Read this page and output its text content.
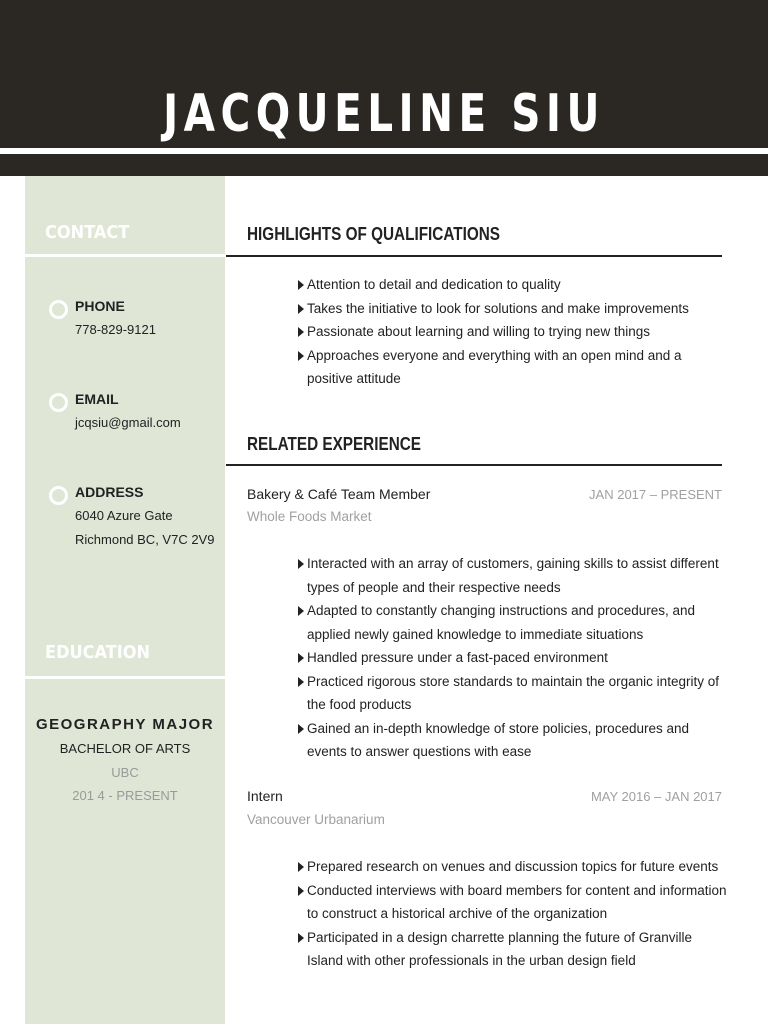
JACQUELINE SIU
CONTACT
PHONE
778-829-9121
EMAIL
jcqsiu@gmail.com
ADDRESS
6040 Azure Gate
Richmond BC, V7C 2V9
EDUCATION
GEOGRAPHY MAJOR
BACHELOR OF ARTS
UBC
201 4 - PRESENT
HIGHLIGHTS OF QUALIFICATIONS
Attention to detail and dedication to quality
Takes the initiative to look for solutions and make improvements
Passionate about learning and willing to trying new things
Approaches everyone and everything with an open mind and a positive attitude
RELATED EXPERIENCE
Bakery & Café Team Member	JAN 2017 – PRESENT
Whole Foods Market
Interacted with an array of customers, gaining skills to assist different types of people and their respective needs
Adapted to constantly changing instructions and procedures, and applied newly gained knowledge to immediate situations
Handled pressure under a fast-paced environment
Practiced rigorous store standards to maintain the organic integrity of the food products
Gained an in-depth knowledge of store policies, procedures and events to answer questions with ease
Intern	MAY 2016 – JAN 2017
Vancouver Urbanarium
Prepared research on venues and discussion topics for future events
Conducted interviews with board members for content and information to construct a historical archive of the organization
Participated in a design charrette planning the future of Granville Island with other professionals in the urban design field
